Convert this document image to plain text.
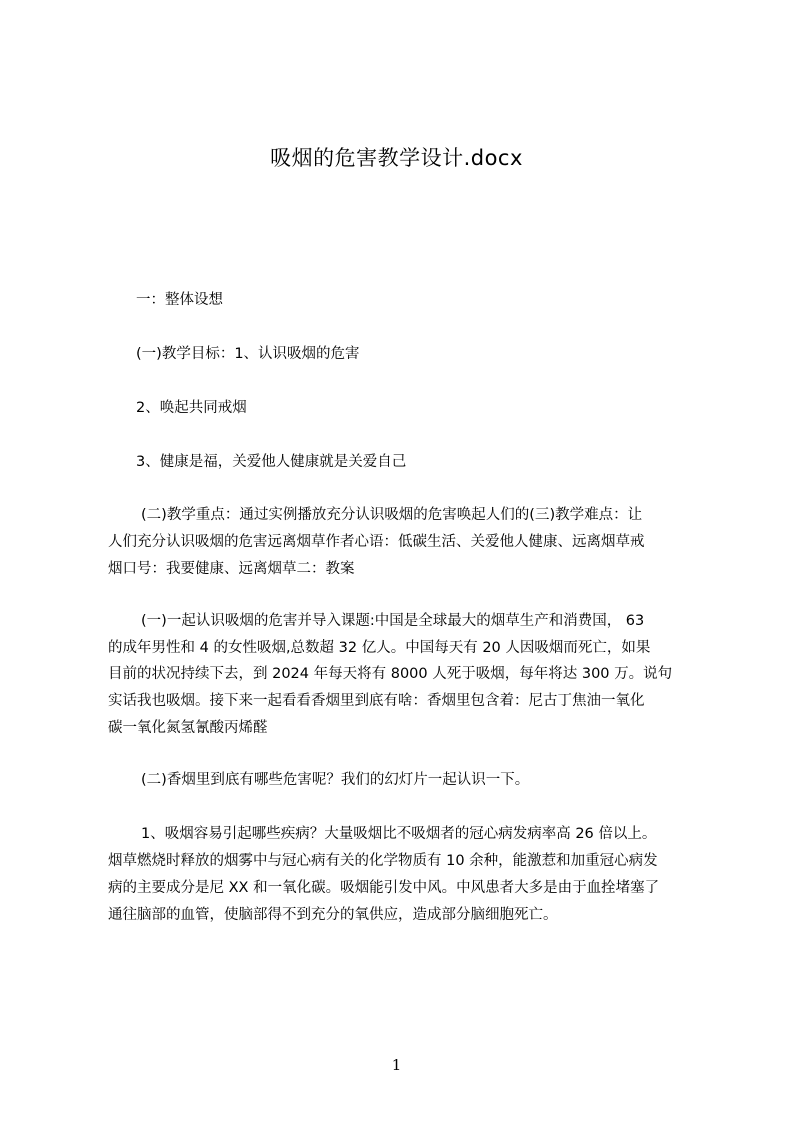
吸烟的危害教学设计.docx
一：整体设想
(一)教学目标：1、认识吸烟的危害
2、唤起共同戒烟
3、健康是福，关爱他人健康就是关爱自己
(二)教学重点：通过实例播放充分认识吸烟的危害唤起人们的(三)教学难点：让
人们充分认识吸烟的危害远离烟草作者心语：低碳生活、关爱他人健康、远离烟草戒
烟口号：我要健康、远离烟草二：教案
(一)一起认识吸烟的危害并导入课题:中国是全球最大的烟草生产和消费国， 63
的成年男性和 4 的女性吸烟,总数超 32 亿人。中国每天有 20 人因吸烟而死亡，如果
目前的状况持续下去，到 2024 年每天将有 8000 人死于吸烟，每年将达 300 万。说句
实话我也吸烟。接下来一起看看香烟里到底有啥：香烟里包含着：尼古丁焦油一氧化
碳一氧化氮氢氰酸丙烯醛
(二)香烟里到底有哪些危害呢？我们的幻灯片一起认识一下。
1、吸烟容易引起哪些疾病？大量吸烟比不吸烟者的冠心病发病率高 26 倍以上。
烟草燃烧时释放的烟雾中与冠心病有关的化学物质有 10 余种，能激惹和加重冠心病发
病的主要成分是尼 XX 和一氧化碳。吸烟能引发中风。中风患者大多是由于血拴堵塞了
通往脑部的血管，使脑部得不到充分的氧供应，造成部分脑细胞死亡。
1
